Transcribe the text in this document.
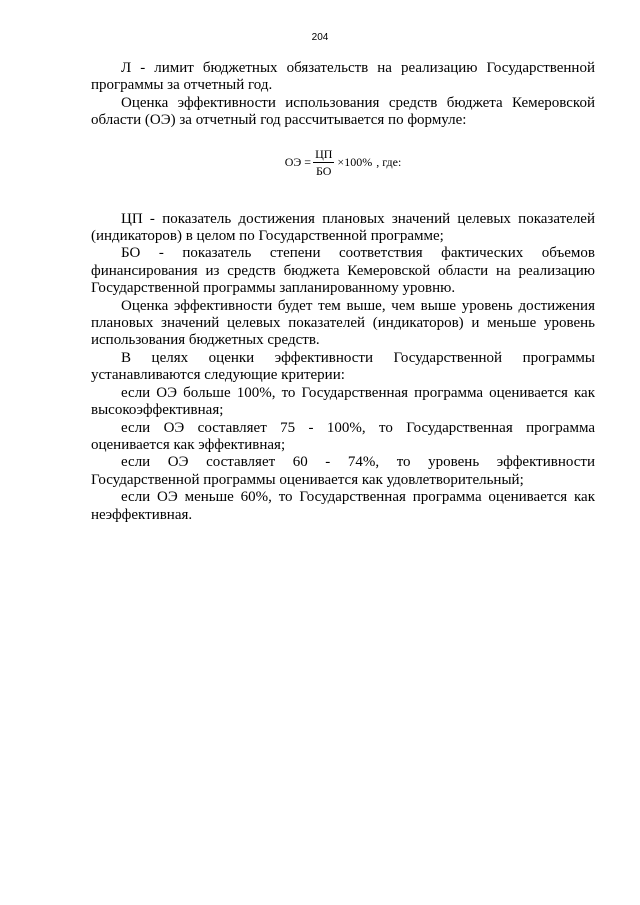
204

Л - лимит бюджетных обязательств на реализацию Государственной программы за отчетный год.

Оценка эффективности использования средств бюджета Кемеровской области (ОЭ) за отчетный год рассчитывается по формуле:

ОЭ = $\frac{ЦП}{БО} \times 100\%$ , где:

ЦП - показатель достижения плановых значений целевых показателей (индикаторов) в целом по Государственной программе;

БО - показатель степени соответствия фактических объемов финансирования из средств бюджета Кемеровской области на реализацию Государственной программы запланированному уровню.

Оценка эффективности будет тем выше, чем выше уровень достижения плановых значений целевых показателей (индикаторов) и меньше уровень использования бюджетных средств.

В целях оценки эффективности Государственной программы устанавливаются следующие критерии:

если ОЭ больше 100%, то Государственная программа оценивается как высокоэффективная;

если ОЭ составляет 75 - 100%, то Государственная программа оценивается как эффективная;

если ОЭ составляет 60 - 74%, то уровень эффективности Государственной программы оценивается как удовлетворительный;

если ОЭ меньше 60%, то Государственная программа оценивается как неэффективная.
